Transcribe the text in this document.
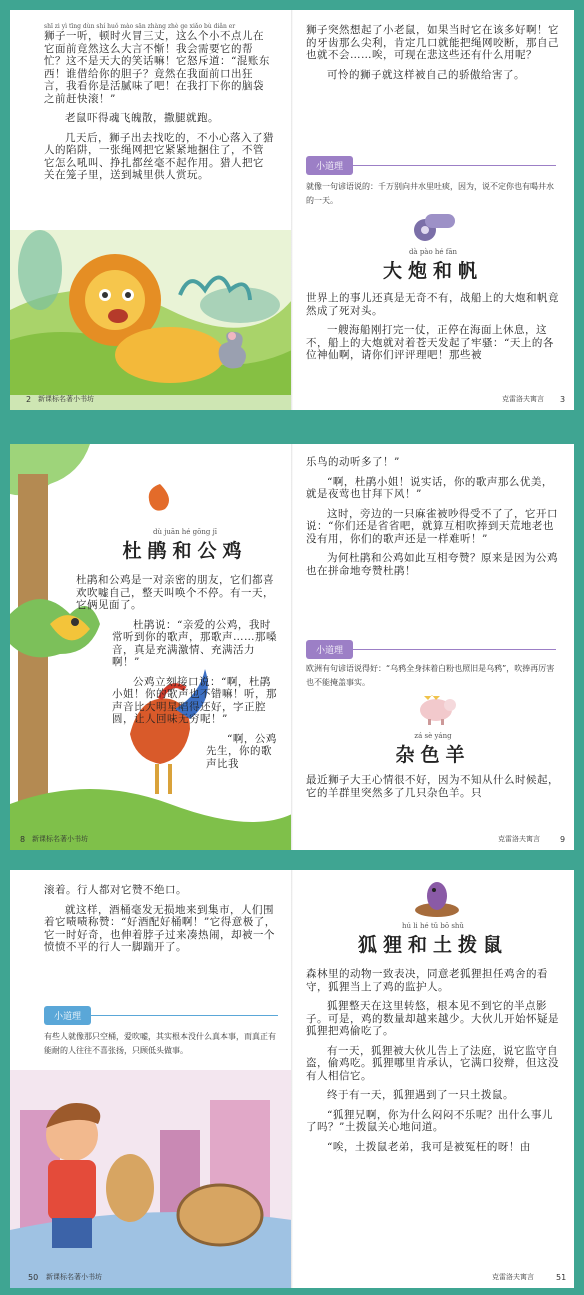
shī zi yì tīng dùn shí huǒ mào sān zhàng zhè ge xiǎo bù diǎn er
狮子一听，顿时火冒三丈，这么个小不点儿在它面前竟然这么大言不惭！我会需要它的帮忙？这不是天大的笑话嘛！它怒斥道：“混账东西！谁借给你的胆子？竟然在我面前口出狂言，我看你是活腻味了吧！在我打下你的脑袋之前赶快滚！”

老鼠吓得魂飞魄散，撒腿就跑。

几天后，狮子出去找吃的，不小心落入了猎人的陷阱，一张绳网把它紧紧地捆住了，不管它怎么吼叫、挣扎都丝毫不起作用。猎人把它关在笼子里，送到城里供人赏玩。

2 新课标名著小书坊

狮子突然想起了小老鼠，如果当时它在该多好啊！它的牙齿那么尖利，肯定几口就能把绳网咬断，那自己也就不会……唉，可现在悲这些还有什么用呢？

可怜的狮子就这样被自己的骄傲给害了。

小道理
就像一句谚语说的：千万别向井水里吐痰，因为，说不定你也有喝井水的一天。
dà pào hé fān
大炮和帆

世界上的事儿还真是无奇不有，战船上的大炮和帆竟然成了死对头。

一艘海船刚打完一仗，正停在海面上休息，这不，船上的大炮就对着苍天发起了牢骚：“天上的各位神仙啊，请你们评评理吧！那些被

克雷洛夫寓言 3
dù juān hé gōng jī
杜鹃和公鸡

杜鹃和公鸡是一对亲密的朋友，它们都喜欢吹嘘自己，整天叫唤个不停。有一天，它俩见面了。

杜鹃说：“亲爱的公鸡，我时常听到你的歌声，那歌声……那嗓音，真是充满激情、充满活力啊！”

公鸡立刻接口说：“啊，杜鹃小姐！你的歌声也不错嘛！听，那声音比大明星唱得还好，字正腔圆，让人回味无穷呢！”

“啊，公鸡先生，你的歌声比我

8 新课标名著小书坊

乐鸟的动听多了！”

“啊，杜鹃小姐！说实话，你的歌声那么优美，就是夜莺也甘拜下风！”

这时，旁边的一只麻雀被吵得受不了了，它开口说：“你们还是省省吧，就算互相吹捧到天荒地老也没有用，你们的歌声还是一样难听！”

为何杜鹃和公鸡如此互相夸赞？原来是因为公鸡也在拼命地夸赞杜鹃！

小道理
欧洲有句谚语说得好：“乌鸦全身抹着白粉也照旧是乌鸦”，吹捧再厉害也不能掩盖事实。
zá sè yáng
杂色羊

最近狮子大王心情很不好，因为不知从什么时候起，它的羊群里突然多了几只杂色羊。只

克雷洛夫寓言	9

滚着。行人都对它赞不绝口。

就这样，酒桶毫发无损地来到集市，人们围着它啧啧称赞：“好酒配好桶啊！”它得意极了，它一时好奇，也伸着脖子过来凑热闹，却被一个愤愤不平的行人一脚踹开了。

小道理
有些人就像那只空桶，爱吹嘘，其实根本没什么真本事，而真正有能耐的人往往不喜张扬，只顾低头做事。
50 新课标名著小书坊
hú li hé tǔ bō shǔ
狐狸和土拨鼠

森林里的动物一致表决，同意老狐狸担任鸡舍的看守，狐狸当上了鸡的监护人。

狐狸整天在这里转悠，根本见不到它的半点影子。可是，鸡的数量却越来越少。大伙儿开始怀疑是狐狸把鸡偷吃了。

有一天，狐狸被大伙儿告上了法庭，说它监守自盗，偷鸡吃。狐狸哪里肯承认，它满口狡辩，但这没有人相信它。

终于有一天，狐狸遇到了一只土拨鼠。

“狐狸兄啊，你为什么闷闷不乐呢？出什么事儿了吗？”土拨鼠关心地问道。

“唉，土拨鼠老弟，我可是被冤枉的呀！由

克雷洛夫寓言	51
